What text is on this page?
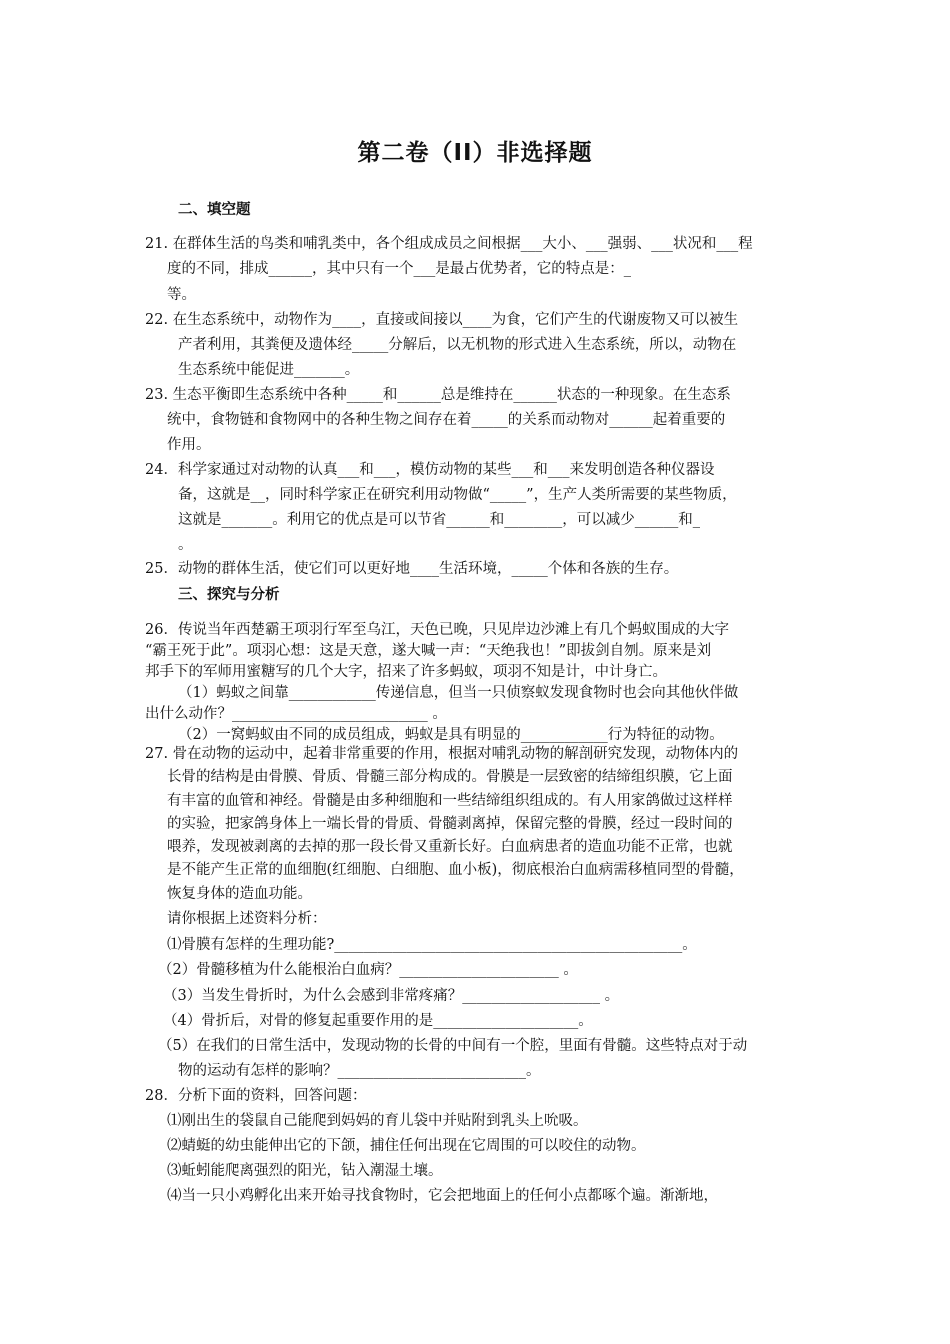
第二卷（II）非选择题
二、填空题
三、探究与分析
21. 在群体生活的鸟类和哺乳类中，各个组成成员之间根据___大小、___强弱、___状况和___程
度的不同，排成______，其中只有一个___是最占优势者，它的特点是：_
等。
22. 在生态系统中，动物作为____，直接或间接以____为食，它们产生的代谢废物又可以被生
产者利用，其粪便及遗体经_____分解后，以无机物的形式进入生态系统，所以，动物在
生态系统中能促进_______。
23. 生态平衡即生态系统中各种_____和______总是维持在______状态的一种现象。在生态系
统中，食物链和食物网中的各种生物之间存在着_____的关系而动物对______起着重要的
作用。
24．科学家通过对动物的认真___和___，模仿动物的某些___和___来发明创造各种仪器设
备，这就是__，同时科学家正在研究利用动物做“_____”，生产人类所需要的某些物质，
这就是_______。利用它的优点是可以节省______和________，可以减少______和_
。
25．动物的群体生活，使它们可以更好地____生活环境，_____个体和各族的生存。
26．传说当年西楚霸王项羽行军至乌江，天色已晚，只见岸边沙滩上有几个蚂蚁围成的大字
“霸王死于此”。项羽心想：这是天意，遂大喊一声：“天绝我也！”即拔剑自刎。原来是刘
邦手下的军师用蜜糖写的几个大字，招来了许多蚂蚁，项羽不知是计，中计身亡。
（1）蚂蚁之间靠____________传递信息，但当一只侦察蚁发现食物时也会向其他伙伴做
出什么动作？___________________________ 。
（2）一窝蚂蚁由不同的成员组成，蚂蚁是具有明显的____________行为特征的动物。
27. 骨在动物的运动中，起着非常重要的作用，根据对哺乳动物的解剖研究发现，动物体内的
长骨的结构是由骨膜、骨质、骨髓三部分构成的。骨膜是一层致密的结缔组织膜，它上面
有丰富的血管和神经。骨髓是由多种细胞和一些结缔组织组成的。有人用家鸽做过这样样
的实验，把家鸽身体上一端长骨的骨质、骨髓剥离掉，保留完整的骨膜，经过一段时间的
喂养，发现被剥离的去掉的那一段长骨又重新长好。白血病患者的造血功能不正常，也就
是不能产生正常的血细胞(红细胞、白细胞、血小板)，彻底根治白血病需移植同型的骨髓，
恢复身体的造血功能。
请你根据上述资料分析：
⑴骨膜有怎样的生理功能?________________________________________________。
（2）骨髓移植为什么能根治白血病？______________________ 。
（3）当发生骨折时，为什么会感到非常疼痛？___________________ 。
（4）骨折后，对骨的修复起重要作用的是____________________。
（5）在我们的日常生活中，发现动物的长骨的中间有一个腔，里面有骨髓。这些特点对于动
物的运动有怎样的影响？__________________________。
28．分析下面的资料，回答问题：
⑴刚出生的袋鼠自己能爬到妈妈的育儿袋中并贴附到乳头上吮吸。
⑵蜻蜓的幼虫能伸出它的下颌，捕住任何出现在它周围的可以咬住的动物。
⑶蚯蚓能爬离强烈的阳光，钻入潮湿土壤。
⑷当一只小鸡孵化出来开始寻找食物时，它会把地面上的任何小点都啄个遍。渐渐地，
